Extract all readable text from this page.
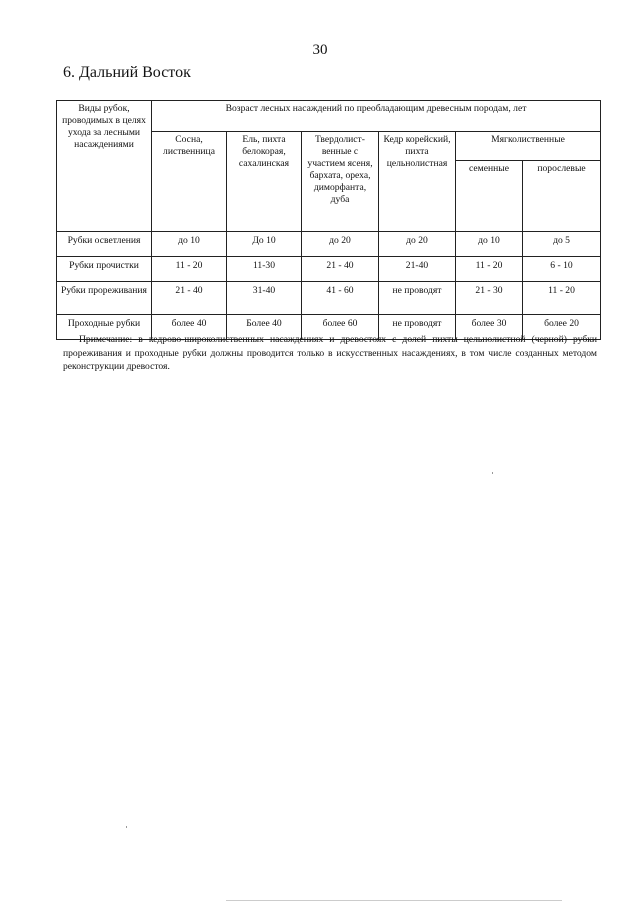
30
6. Дальний Восток
Виды рубок, проводимых в целях ухода за лесными насаждениями	Возраст лесных насаждений по преобладающим древесным породам, лет					
	Сосна, лиственница	Ель, пихта белокорая, сахалинская	Твердолист-венные с участием ясеня, бархата, ореха, диморфанта, дуба	Кедр корейский, пихта цельнолистная	Мягколиственные	
					семенные	порослевые
Рубки осветления	до 10	До 10	до 20	до 20	до 10	до 5
Рубки прочистки	11 - 20	11-30	21 - 40	21-40	11 - 20	6 - 10
Рубки прореживания	21 - 40	31-40	41 - 60	не проводят	21 - 30	11 - 20
Проходные рубки	более 40	Более 40	более 60	не проводят	более 30	более 20
Примечание: в кедрово-широколиственных насаждениях и древостоях с долей пихты цельнолистной (черной) рубки прореживания и проходные рубки должны проводится только в искусственных насаждениях, в том числе созданных методом реконструкции древостоя.
